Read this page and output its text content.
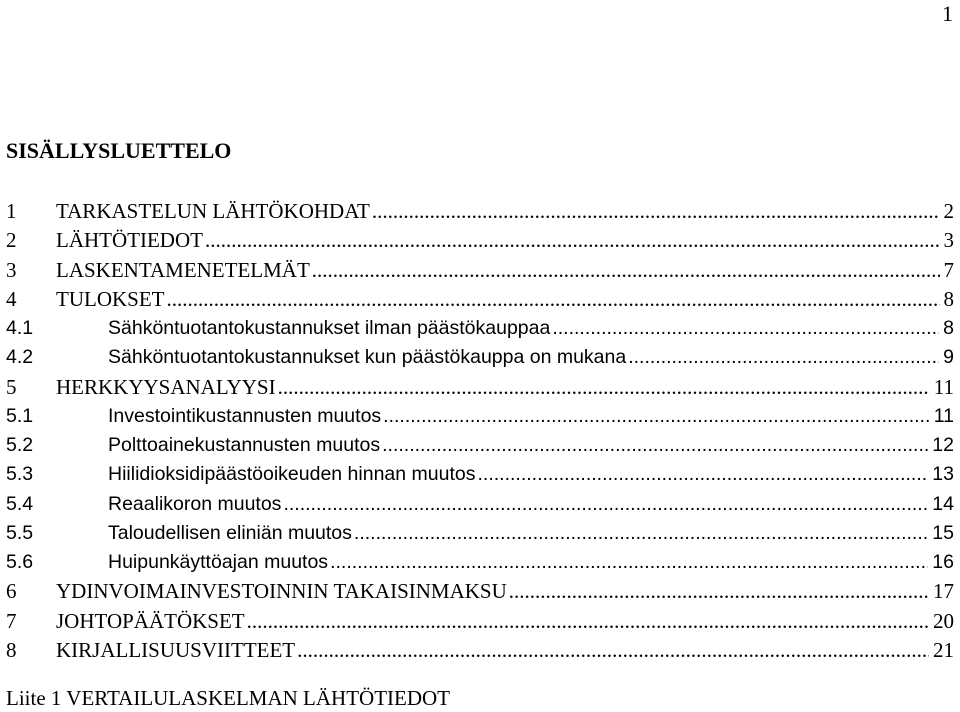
1
SISÄLLYSLUETTELO
1	TARKASTELUN LÄHTÖKOHDAT .....	2
2	LÄHTÖTIEDOT .....	3
3	LASKENTAMENETELMÄT .....	7
4	TULOKSET .....	8
4.1	Sähköntuotantokustannukset ilman päästökauppaa .....	8
4.2	Sähköntuotantokustannukset kun päästökauppa on mukana .....	9
5	HERKKYYSANALYYSI .....	11
5.1	Investointikustannusten muutos .....	11
5.2	Polttoainekustannusten muutos .....	12
5.3	Hiilidioksidipäästöoikeuden hinnan muutos .....	13
5.4	Reaalikoron muutos .....	14
5.5	Taloudellisen eliniän muutos .....	15
5.6	Huipunkäyttöajan muutos .....	16
6	YDINVOIMAINVESTOINNIN TAKAISINMAKSU .....	17
7	JOHTOPÄÄTÖKSET .....	20
8	KIRJALLISUUSVIITTEET .....	21
Liite 1 VERTAILULASKELMAN LÄHTÖTIEDOT
